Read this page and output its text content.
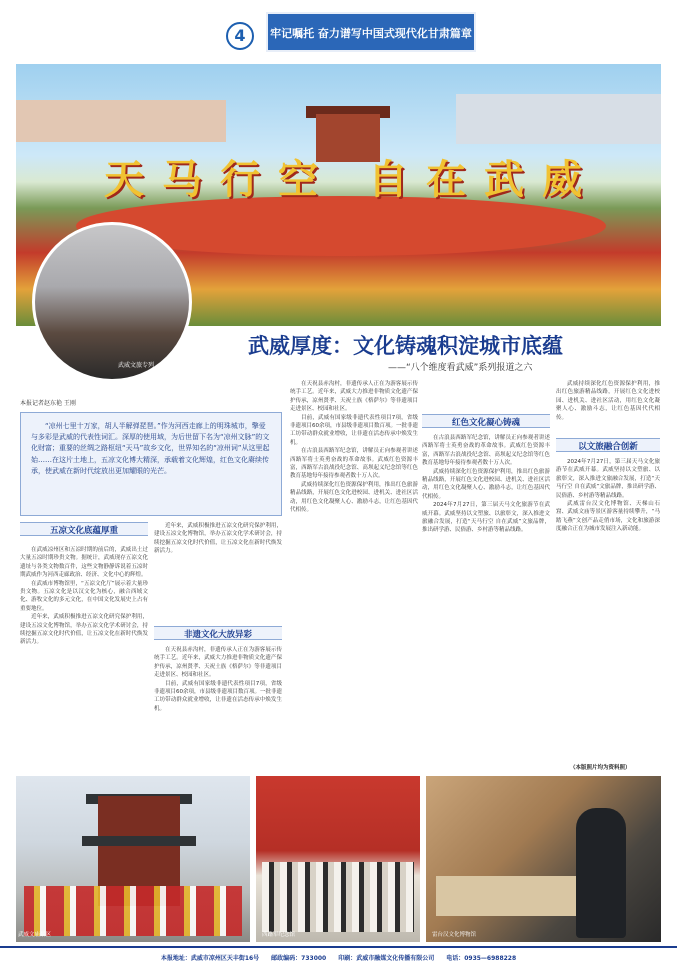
4	牢记嘱托 奋力谱写中国式现代化甘肃篇章
天马行空 自在武威
武威文旅专列
武威厚度：文化铸魂积淀城市底蕴
——“八个维度看武威”系列报道之六
本报记者赵东艳 王刚

“凉州七里十万家，胡人半解弹琵琶。”作为河西走廊上的明珠城市，擎爱与多彩是武威的代表性词汇。深厚的使用域，为后世留下名为“凉州文脉”的文化财富；重要的丝绸之路枢纽“天马”故乡文化，世界知名的“凉州词”从这里起始……在这片土地上，五凉文化博大精深，承载着文化辉煌，红色文化赓续传承，使武威在新时代绽放出更加耀眼的光芒。

五凉文化底蕴厚重

在武威凉州区和五凉时期的前后的，武威出土过大量五凉时期珍贵文物。据统计，武威现存五凉文化遗址与各类文物数百件，这些文物静静诉说着五凉时期武威作为河西走廊政治、经济、文化中心的辉煌。

在武威市博物馆里，“五凉文化厅”展示着大量珍贵文物。五凉文化是以汉文化为核心，融合西域文化、游牧文化的多元文化，在中国文化发展史上占有重要地位。

近年来，武威积极推进五凉文化研究保护利用，建设五凉文化博物馆，举办五凉文化学术研讨会，持续挖掘五凉文化时代价值，让五凉文化在新时代焕发新活力。

非遗文化大放异彩

近年来，武威积极推进五凉文化研究保护利用，建设五凉文化博物馆，举办五凉文化学术研讨会，持续挖掘五凉文化时代价值，让五凉文化在新时代焕发新活力。

在天祝县赤沟村，非遗传承人正在为游客展示传统手工艺。近年来，武威大力推进非物质文化遗产保护传承，凉州贤孝、天祝土族《格萨尔》等非遗项目走进景区、校园和社区。

目前，武威有国家级非遗代表性项目7项，省级非遗项目60余项，市县级非遗项目数百项。一批非遗工坊带动群众就业增收，让非遗在活态传承中焕发生机。

红色文化凝心铸魂

在天祝县赤沟村，非遗传承人正在为游客展示传统手工艺。近年来，武威大力推进非物质文化遗产保护传承，凉州贤孝、天祝土族《格萨尔》等非遗项目走进景区、校园和社区。

目前，武威有国家级非遗代表性项目7项，省级非遗项目60余项，市县级非遗项目数百项。一批非遗工坊带动群众就业增收，让非遗在活态传承中焕发生机。

在古浪县西路军纪念馆，讲解员正向参观者讲述西路军将士英勇奋战的革命故事。武威红色资源丰富，西路军古浪战役纪念馆、高坝起义纪念馆等红色教育基地每年接待参观者数十万人次。

武威持续深化红色资源保护利用，推出红色旅游精品线路，开展红色文化进校园、进机关、进社区活动，用红色文化凝聚人心、激励斗志，让红色基因代代相传。

在古浪县西路军纪念馆，讲解员正向参观者讲述西路军将士英勇奋战的革命故事。武威红色资源丰富，西路军古浪战役纪念馆、高坝起义纪念馆等红色教育基地每年接待参观者数十万人次。

武威持续深化红色资源保护利用，推出红色旅游精品线路，开展红色文化进校园、进机关、进社区活动，用红色文化凝聚人心、激励斗志，让红色基因代代相传。

2024年7月27日，第三届天马文化旅游节在武威开幕。武威坚持以文塑旅、以旅彰文，深入推进文旅融合发展，打造“天马行空 自在武威”文旅品牌，推出研学游、民俗游、乡村游等精品线路。

以文旅融合创新

武威持续深化红色资源保护利用，推出红色旅游精品线路，开展红色文化进校园、进机关、进社区活动，用红色文化凝聚人心、激励斗志，让红色基因代代相传。

2024年7月27日，第三届天马文化旅游节在武威开幕。武威坚持以文塑旅、以旅彰文，深入推进文旅融合发展，打造“天马行空 自在武威”文旅品牌，推出研学游、民俗游、乡村游等精品线路。

武威雷台汉文化博物馆、天梯山石窟、武威文庙等景区游客量持续攀升，“马踏飞燕”文创产品走俏市场，文化和旅游深度融合正在为城市发展注入新动能。

（本版照片均为资料照）
武威文庙景区	西路军纪念馆	雷台汉文化博物馆
本报地址：武威市凉州区天丰街16号　　邮政编码：733000　　印刷：武威市融媒文化传播有限公司　　电话：0935—6988228
